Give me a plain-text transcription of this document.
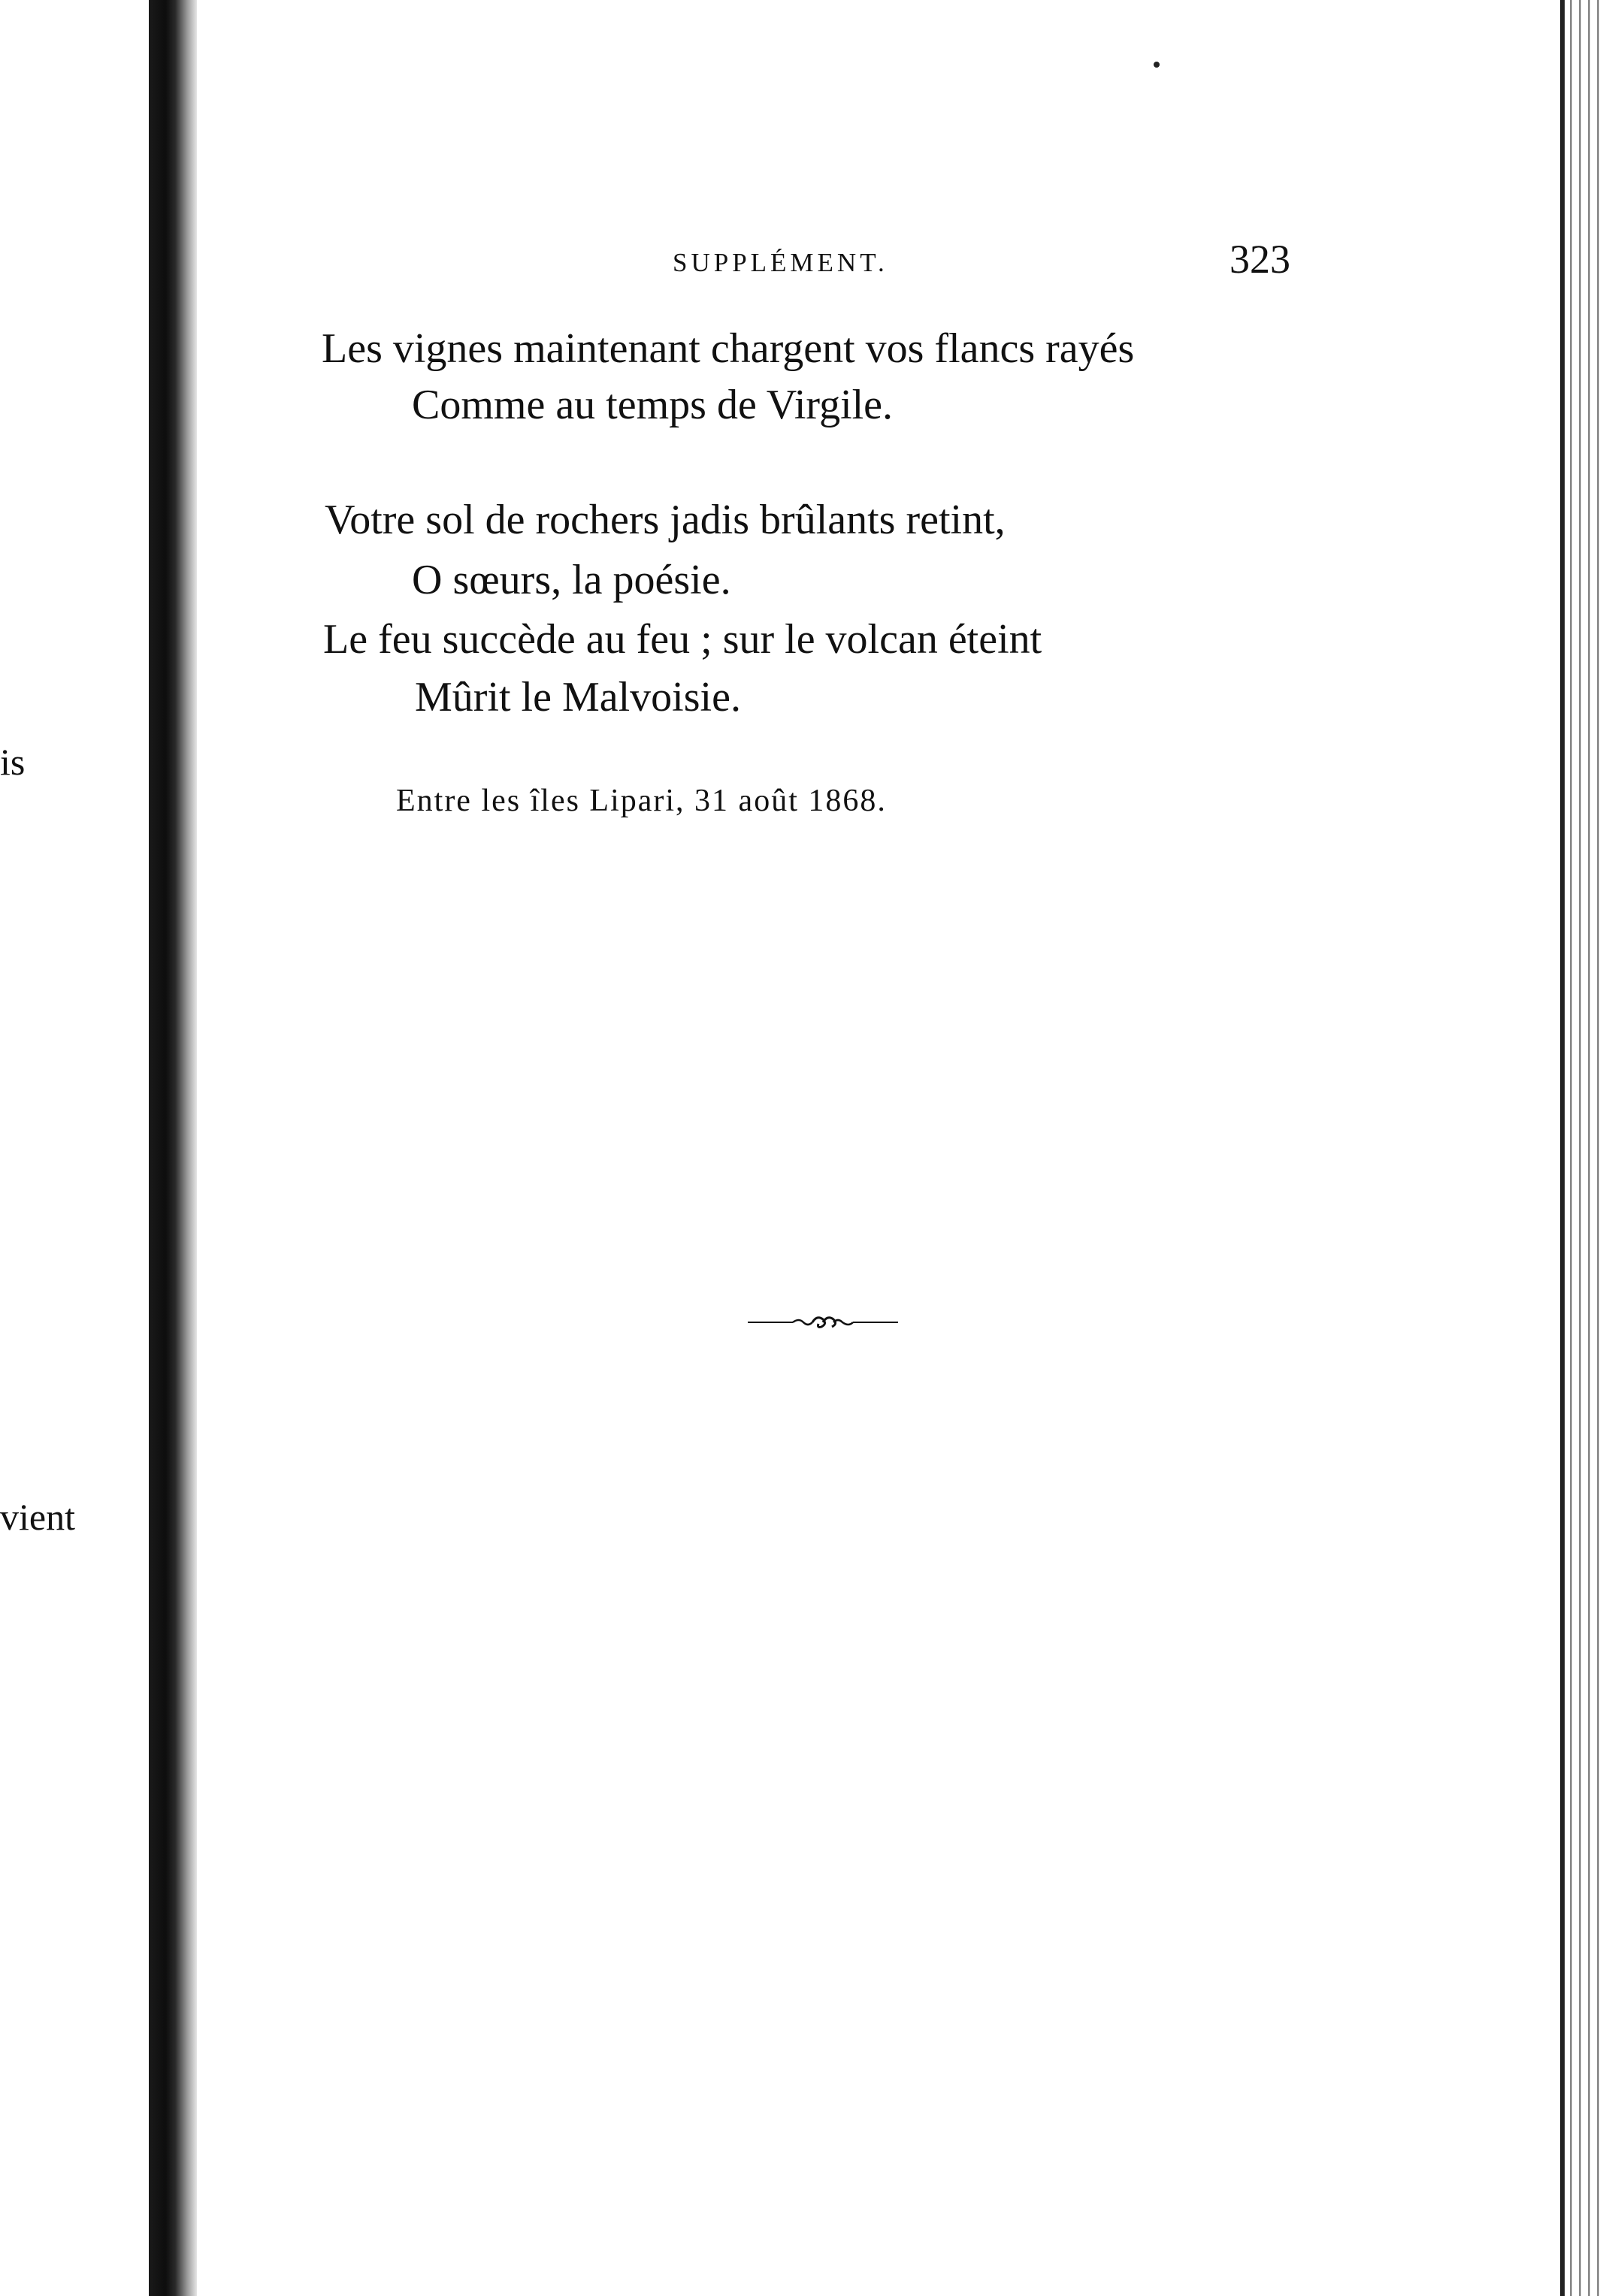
is
vient
SUPPLÉMENT.	323
Les vignes maintenant chargent vos flancs rayés
Comme au temps de Virgile.
Votre sol de rochers jadis brûlants retint,
O sœurs, la poésie.
Le feu succède au feu ; sur le volcan éteint
Mûrit le Malvoisie.
Entre les îles Lipari, 31 août 1868.
